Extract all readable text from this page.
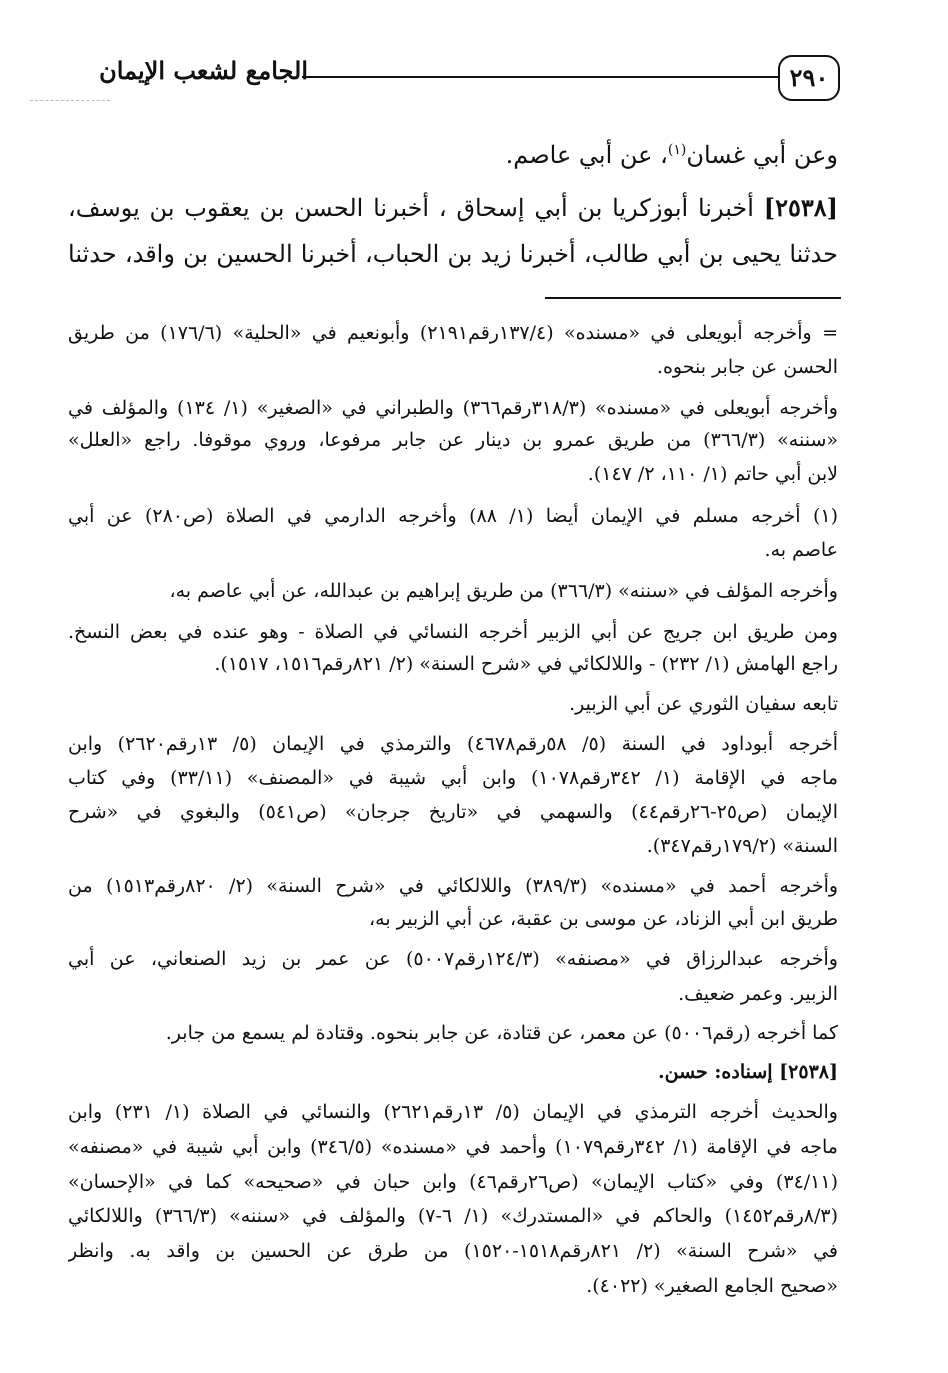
٢٩٠
الجامع لشعب الإيمان
وعن أبي غسان$^{(١)}$، عن أبي عاصم.
[٢٥٣٨] أخبرنا أبوزكريا بن أبي إسحاق ، أخبرنا الحسن بن يعقوب بن يوسف،
حدثنا يحيى بن أبي طالب، أخبرنا زيد بن الحباب، أخبرنا الحسين بن واقد، حدثنا
= وأخرجه أبويعلى في «مسنده» (١٣٧/٤رقم٢١٩١) وأبونعيم في «الحلية» (١٧٦/٦) من طريق
الحسن عن جابر بنحوه.
وأخرجه أبويعلى في «مسنده» (٣١٨/٣رقم٣٦٦) والطبراني في «الصغير» (١/ ١٣٤) والمؤلف في
«سننه» (٣٦٦/٣) من طريق عمرو بن دينار عن جابر مرفوعا، وروي موقوفا. راجع «العلل»
لابن أبي حاتم (١/ ١١٠، ٢/ ١٤٧).
(١) أخرجه مسلم في الإيمان أيضا (١/ ٨٨) وأخرجه الدارمي في الصلاة (ص٢٨٠) عن أبي
عاصم به.
وأخرجه المؤلف في «سننه» (٣٦٦/٣) من طريق إبراهيم بن عبدالله، عن أبي عاصم به،
ومن طريق ابن جريج عن أبي الزبير أخرجه النسائي في الصلاة - وهو عنده في بعض النسخ.
راجع الهامش (١/ ٢٣٢) - واللالكائي في «شرح السنة» (٢/ ٨٢١رقم١٥١٦، ١٥١٧).
تابعه سفيان الثوري عن أبي الزبير.
أخرجه أبوداود في السنة (٥/ ٥٨رقم٤٦٧٨) والترمذي في الإيمان (٥/ ١٣رقم٢٦٢٠) وابن
ماجه في الإقامة (١/ ٣٤٢رقم١٠٧٨) وابن أبي شيبة في «المصنف» (٣٣/١١) وفي كتاب
الإيمان (ص٢٥-٢٦رقم٤٤) والسهمي في «تاريخ جرجان» (ص٥٤١) والبغوي في «شرح
السنة» (١٧٩/٢رقم٣٤٧).
وأخرجه أحمد في «مسنده» (٣٨٩/٣) واللالكائي في «شرح السنة» (٢/ ٨٢٠رقم١٥١٣) من
طريق ابن أبي الزناد، عن موسى بن عقبة، عن أبي الزبير به،
وأخرجه عبدالرزاق في «مصنفه» (١٢٤/٣رقم٥٠٠٧) عن عمر بن زيد الصنعاني، عن أبي
الزبير. وعمر ضعيف.
كما أخرجه (رقم٥٠٠٦) عن معمر، عن قتادة، عن جابر بنحوه. وقتادة لم يسمع من جابر.
[٢٥٣٨] إسناده: حسن.
والحديث أخرجه الترمذي في الإيمان (٥/ ١٣رقم٢٦٢١) والنسائي في الصلاة (١/ ٢٣١) وابن
ماجه في الإقامة (١/ ٣٤٢رقم١٠٧٩) وأحمد في «مسنده» (٣٤٦/٥) وابن أبي شيبة في «مصنفه»
(٣٤/١١) وفي «كتاب الإيمان» (ص٢٦رقم٤٦) وابن حبان في «صحيحه» كما في «الإحسان»
(٨/٣رقم١٤٥٢) والحاكم في «المستدرك» (١/ ٦-٧) والمؤلف في «سننه» (٣٦٦/٣) واللالكائي
في «شرح السنة» (٢/ ٨٢١رقم١٥١٨-١٥٢٠) من طرق عن الحسين بن واقد به. وانظر
«صحيح الجامع الصغير» (٤٠٢٢).
